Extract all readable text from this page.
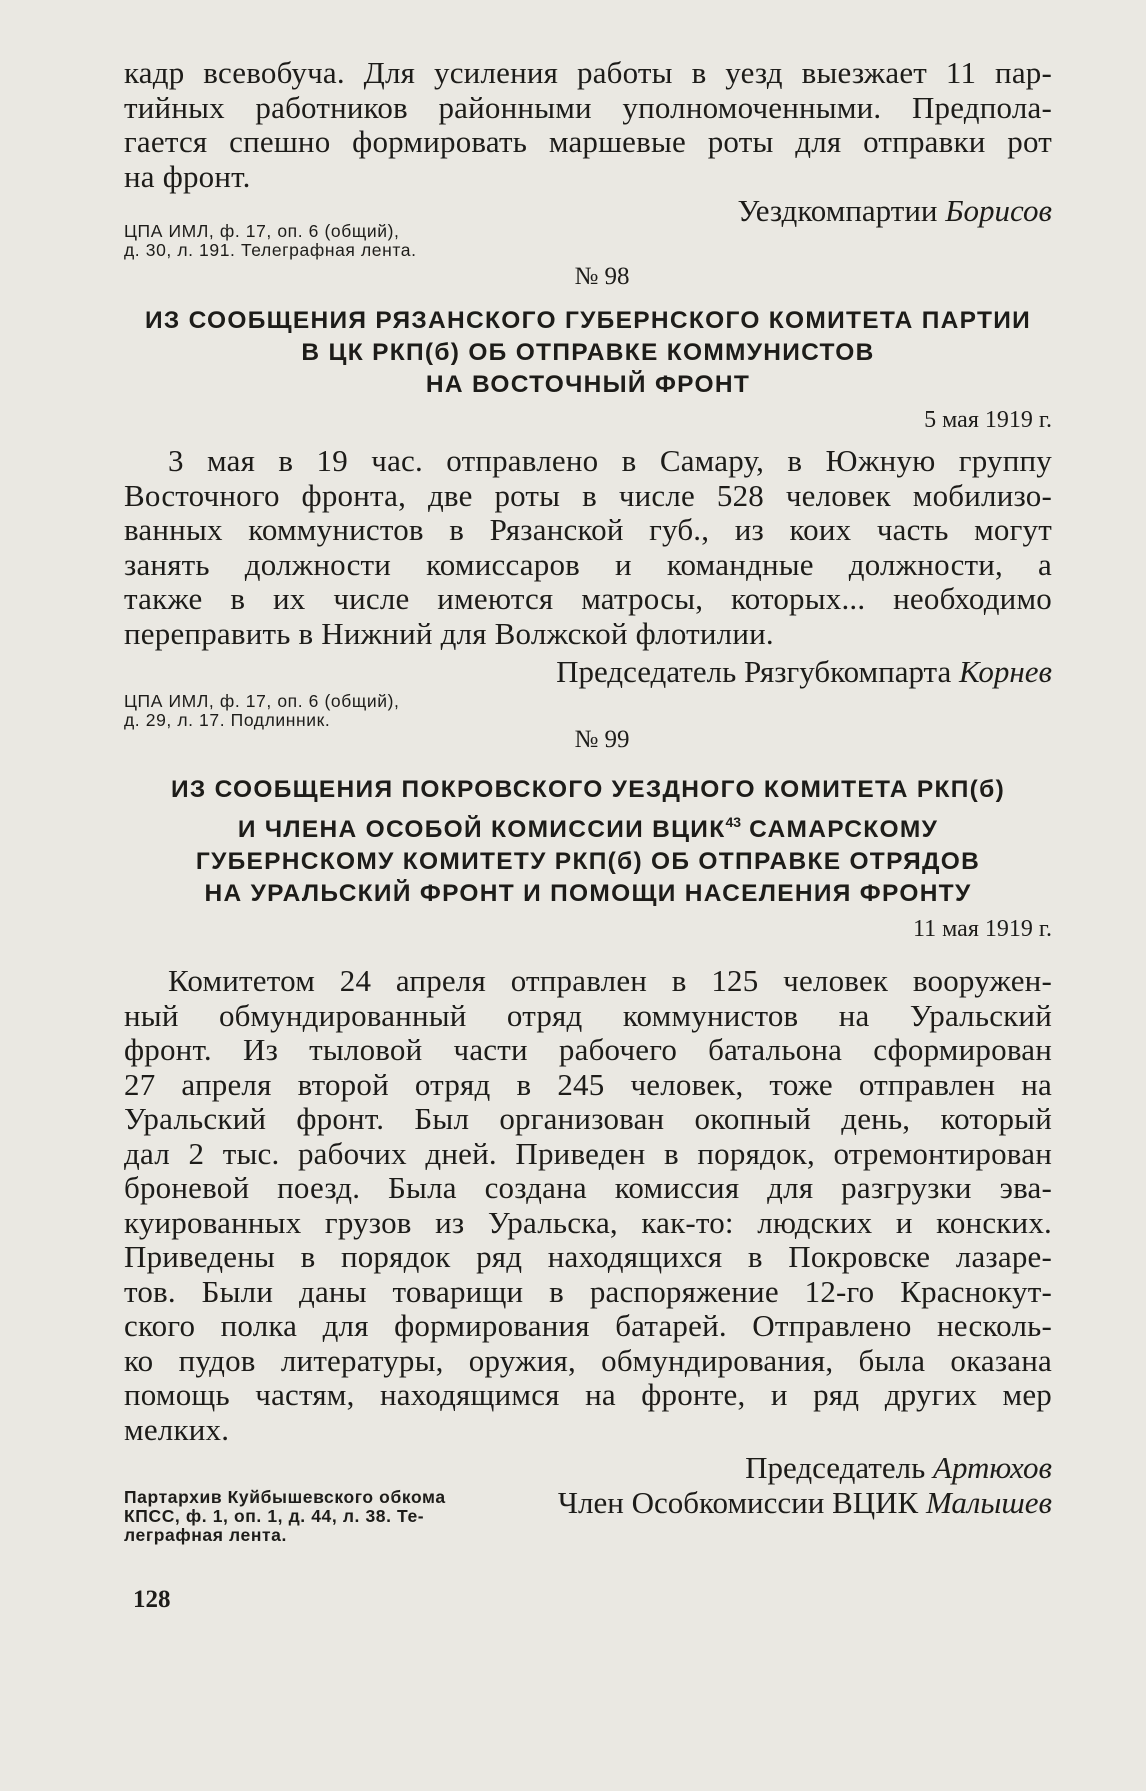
кадр всевобуча. Для усиления работы в уезд выезжает 11 пар-
тийных работников районными уполномоченными. Предпола-
гается спешно формировать маршевые роты для отправки рот
на фронт.
Уездкомпартии Борисов
ЦПА ИМЛ, ф. 17, оп. 6 (общий),
д. 30, л. 191. Телеграфная лента.
№ 98
ИЗ СООБЩЕНИЯ РЯЗАНСКОГО ГУБЕРНСКОГО КОМИТЕТА ПАРТИИ
В ЦК РКП(б) ОБ ОТПРАВКЕ КОММУНИСТОВ
НА ВОСТОЧНЫЙ ФРОНТ
5 мая 1919 г.
3 мая в 19 час. отправлено в Самару, в Южную группу
Восточного фронта, две роты в числе 528 человек мобилизо-
ванных коммунистов в Рязанской губ., из коих часть могут
занять должности комиссаров и командные должности, а
также в их числе имеются матросы, которых... необходимо
переправить в Нижний для Волжской флотилии.
Председатель Рязгубкомпарта Корнев
ЦПА ИМЛ, ф. 17, оп. 6 (общий),
д. 29, л. 17. Подлинник.
№ 99
ИЗ СООБЩЕНИЯ ПОКРОВСКОГО УЕЗДНОГО КОМИТЕТА РКП(б)
И ЧЛЕНА ОСОБОЙ КОМИССИИ ВЦИК$^{43}$ САМАРСКОМУ
ГУБЕРНСКОМУ КОМИТЕТУ РКП(б) ОБ ОТПРАВКЕ ОТРЯДОВ
НА УРАЛЬСКИЙ ФРОНТ И ПОМОЩИ НАСЕЛЕНИЯ ФРОНТУ
11 мая 1919 г.
Комитетом 24 апреля отправлен в 125 человек вооружен-
ный обмундированный отряд коммунистов на Уральский
фронт. Из тыловой части рабочего батальона сформирован
27 апреля второй отряд в 245 человек, тоже отправлен на
Уральский фронт. Был организован окопный день, который
дал 2 тыс. рабочих дней. Приведен в порядок, отремонтирован
броневой поезд. Была создана комиссия для разгрузки эва-
куированных грузов из Уральска, как-то: людских и конских.
Приведены в порядок ряд находящихся в Покровске лазаре-
тов. Были даны товарищи в распоряжение 12-го Краснокут-
ского полка для формирования батарей. Отправлено несколь-
ко пудов литературы, оружия, обмундирования, была оказана
помощь частям, находящимся на фронте, и ряд других мер
мелких.
Председатель Артюхов
Член Особкомиссии ВЦИК Малышев
Партархив Куйбышевского обкома
КПСС, ф. 1, оп. 1, д. 44, л. 38. Те-
леграфная лента.
128
